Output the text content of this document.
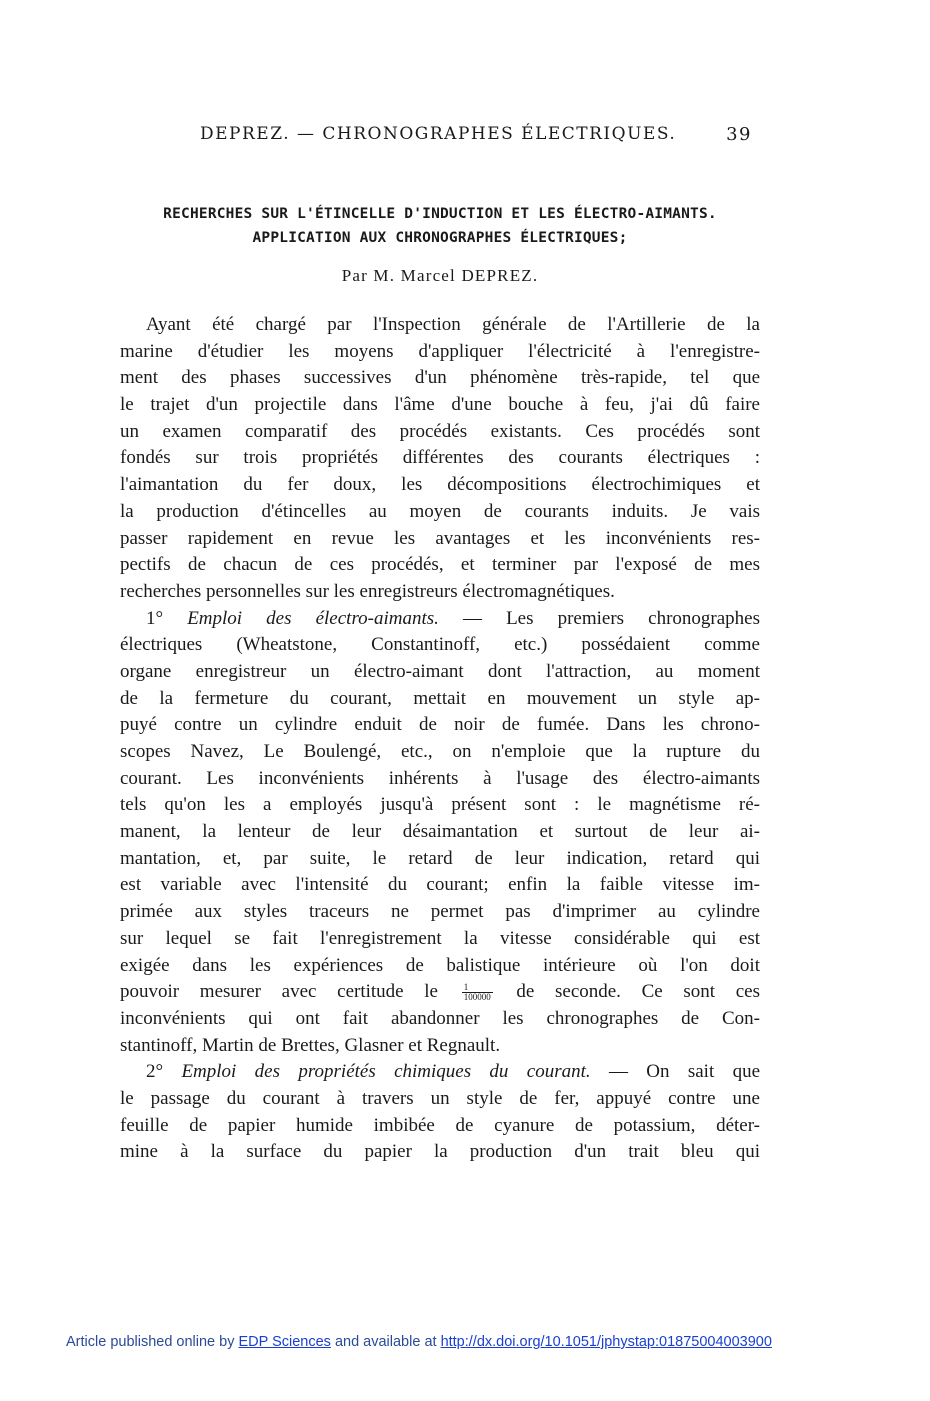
DEPREZ. — CHRONOGRAPHES ÉLECTRIQUES.	39
RECHERCHES SUR L'ÉTINCELLE D'INDUCTION ET LES ÉLECTRO-AIMANTS.
APPLICATION AUX CHRONOGRAPHES ÉLECTRIQUES;
Par M. Marcel DEPREZ.
Ayant été chargé par l'Inspection générale de l'Artillerie de la
marine d'étudier les moyens d'appliquer l'électricité à l'enregistre-
ment des phases successives d'un phénomène très-rapide, tel que
le trajet d'un projectile dans l'âme d'une bouche à feu, j'ai dû faire
un examen comparatif des procédés existants. Ces procédés sont
fondés sur trois propriétés différentes des courants électriques :
l'aimantation du fer doux, les décompositions électrochimiques et
la production d'étincelles au moyen de courants induits. Je vais
passer rapidement en revue les avantages et les inconvénients res-
pectifs de chacun de ces procédés, et terminer par l'exposé de mes
recherches personnelles sur les enregistreurs électromagnétiques.
1° Emploi des électro-aimants. — Les premiers chronographes
électriques (Wheatstone, Constantinoff, etc.) possédaient comme
organe enregistreur un électro-aimant dont l'attraction, au moment
de la fermeture du courant, mettait en mouvement un style ap-
puyé contre un cylindre enduit de noir de fumée. Dans les chrono-
scopes Navez, Le Boulengé, etc., on n'emploie que la rupture du
courant. Les inconvénients inhérents à l'usage des électro-aimants
tels qu'on les a employés jusqu'à présent sont : le magnétisme ré-
manent, la lenteur de leur désaimantation et surtout de leur ai-
mantation, et, par suite, le retard de leur indication, retard qui
est variable avec l'intensité du courant; enfin la faible vitesse im-
primée aux styles traceurs ne permet pas d'imprimer au cylindre
sur lequel se fait l'enregistrement la vitesse considérable qui est
exigée dans les expériences de balistique intérieure où l'on doit
pouvoir mesurer avec certitude le	$\frac{1}{100000}$ de seconde. Ce sont ces
inconvénients qui ont fait abandonner les chronographes de Con-
stantinoff, Martin de Brettes, Glasner et Regnault.
2° Emploi des propriétés chimiques du courant. — On sait que
le passage du courant à travers un style de fer, appuyé contre une
feuille de papier humide imbibée de cyanure de potassium, déter-
mine à la surface du papier la production d'un trait bleu qui
Article published online by EDP Sciences and available at http://dx.doi.org/10.1051/jphystap:01875004003900
